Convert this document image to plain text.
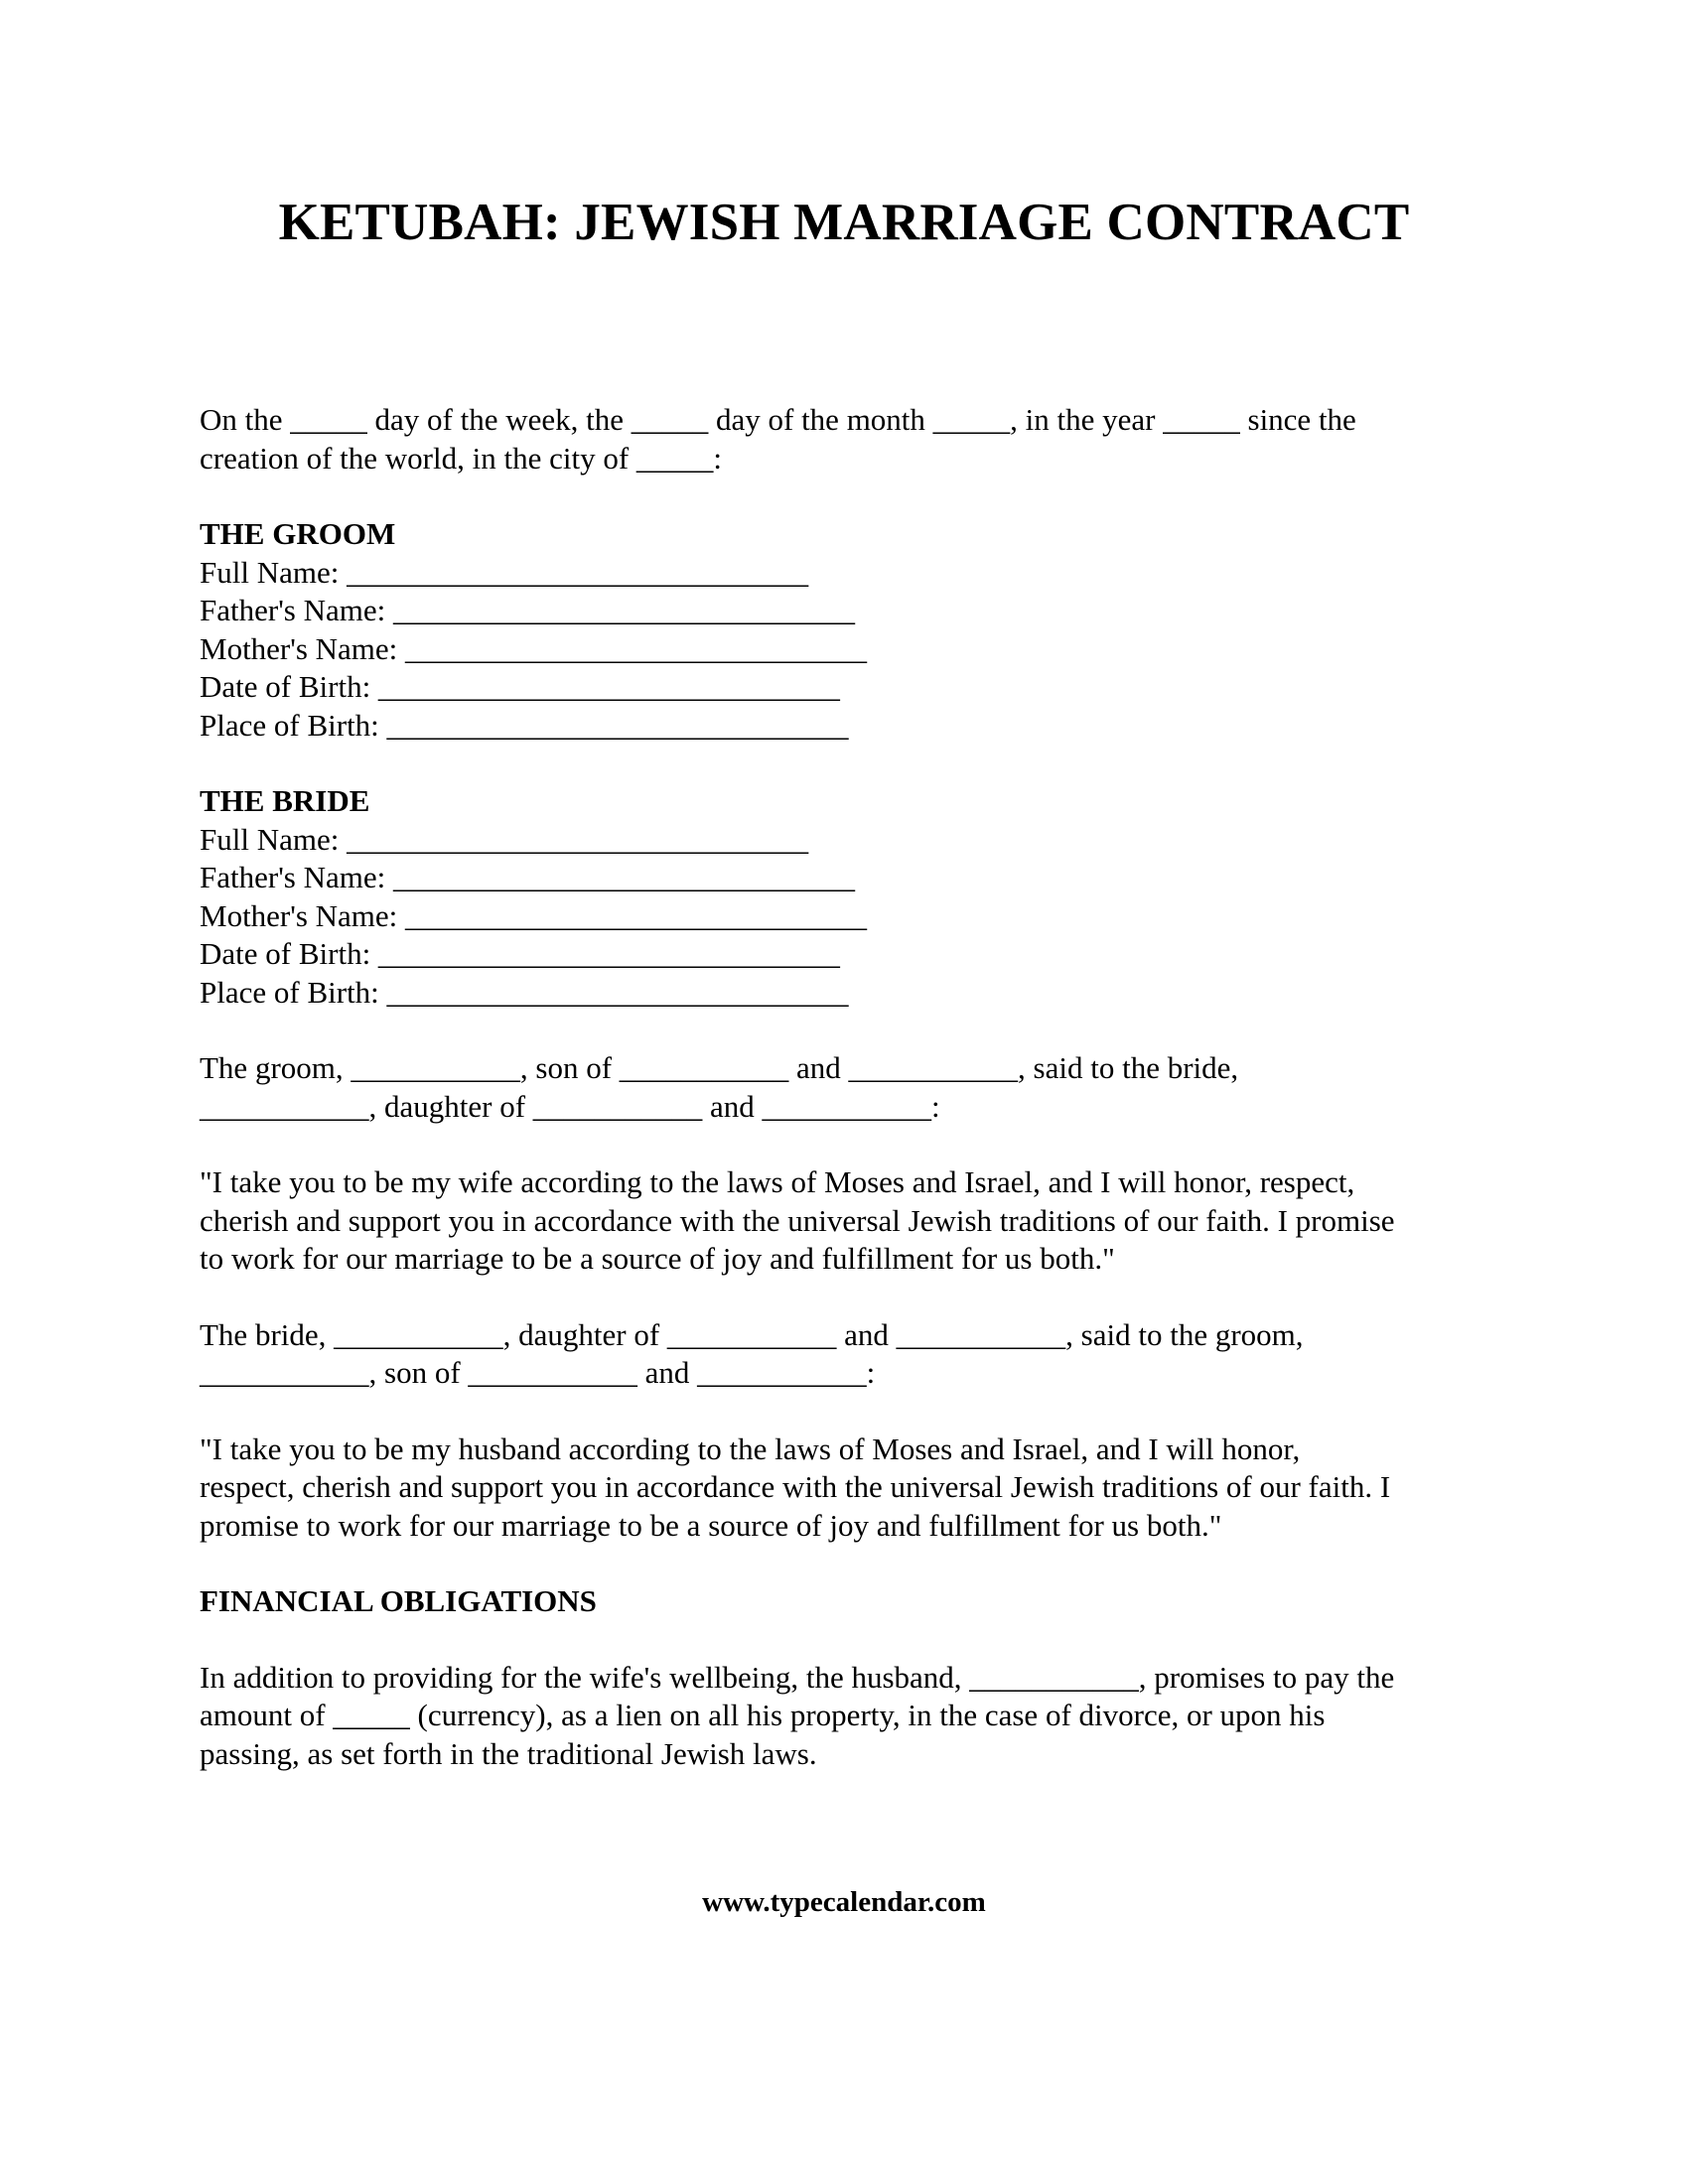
KETUBAH: JEWISH MARRIAGE CONTRACT

On the _____ day of the week, the _____ day of the month _____, in the year _____ since the

creation of the world, in the city of _____:

THE GROOM

Full Name: ______________________________

Father's Name: ______________________________

Mother's Name: ______________________________

Date of Birth: ______________________________

Place of Birth: ______________________________

THE BRIDE

Full Name: ______________________________

Father's Name: ______________________________

Mother's Name: ______________________________

Date of Birth: ______________________________

Place of Birth: ______________________________

The groom, ___________, son of ___________ and ___________, said to the bride,

___________, daughter of ___________ and ___________:

"I take you to be my wife according to the laws of Moses and Israel, and I will honor, respect,

cherish and support you in accordance with the universal Jewish traditions of our faith. I promise

to work for our marriage to be a source of joy and fulfillment for us both."

The bride, ___________, daughter of ___________ and ___________, said to the groom,

___________, son of ___________ and ___________:

"I take you to be my husband according to the laws of Moses and Israel, and I will honor,

respect, cherish and support you in accordance with the universal Jewish traditions of our faith. I

promise to work for our marriage to be a source of joy and fulfillment for us both."

FINANCIAL OBLIGATIONS

In addition to providing for the wife's wellbeing, the husband, ___________, promises to pay the

amount of _____ (currency), as a lien on all his property, in the case of divorce, or upon his

passing, as set forth in the traditional Jewish laws.

www.typecalendar.com
